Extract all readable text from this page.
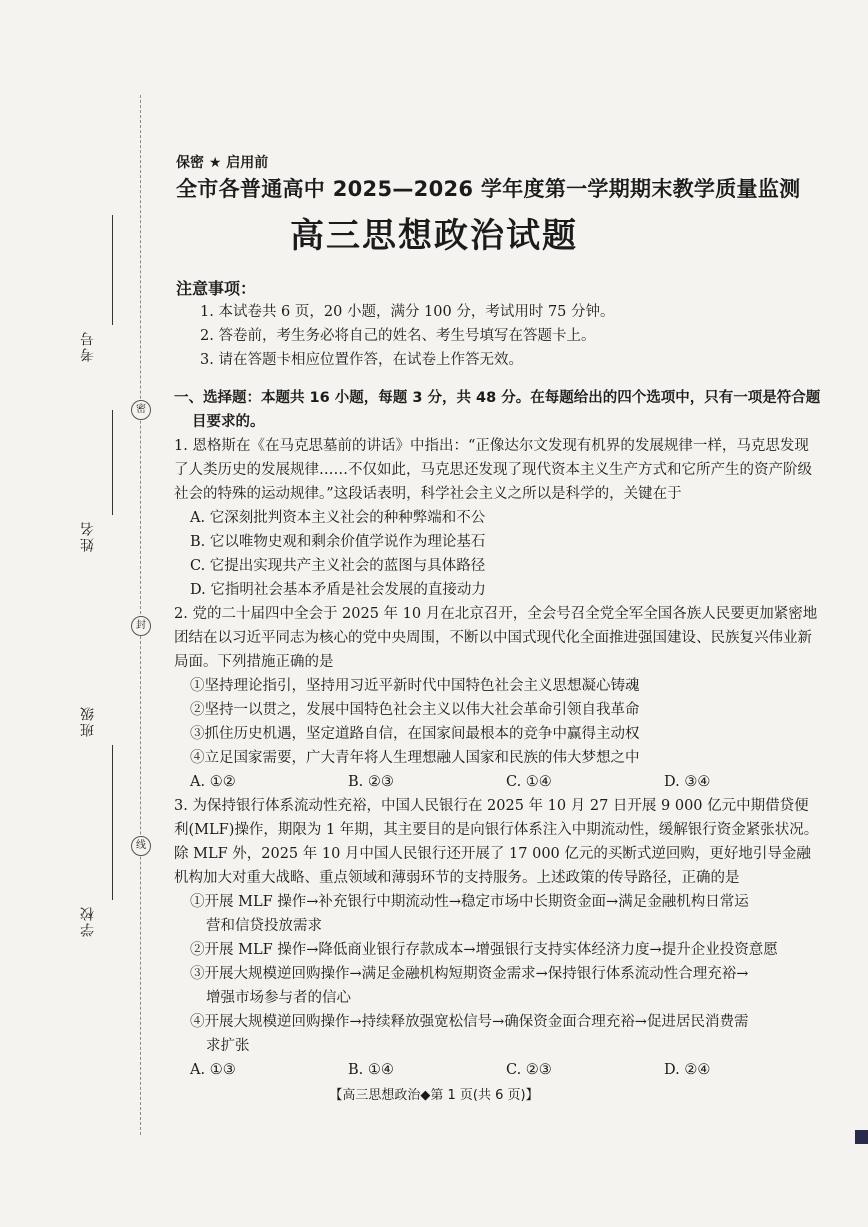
考号
姓名
班级
学校
密
封
线
保密 ★ 启用前
全市各普通高中 2025—2026 学年度第一学期期末教学质量监测
高三思想政治试题
注意事项：
1. 本试卷共 6 页，20 小题，满分 100 分，考试用时 75 分钟。
2. 答卷前，考生务必将自己的姓名、考生号填写在答题卡上。
3. 请在答题卡相应位置作答，在试卷上作答无效。
一、选择题：本题共 16 小题，每题 3 分，共 48 分。在每题给出的四个选项中，只有一项是符合题
目要求的。

1. 恩格斯在《在马克思墓前的讲话》中指出：“正像达尔文发现有机界的发展规律一样，马克思发现了人类历史的发展规律……不仅如此，马克思还发现了现代资本主义生产方式和它所产生的资产阶级社会的特殊的运动规律。”这段话表明，科学社会主义之所以是科学的，关键在于

A. 它深刻批判资本主义社会的种种弊端和不公
B. 它以唯物史观和剩余价值学说作为理论基石
C. 它提出实现共产主义社会的蓝图与具体路径
D. 它指明社会基本矛盾是社会发展的直接动力

2. 党的二十届四中全会于 2025 年 10 月在北京召开，全会号召全党全军全国各族人民要更加紧密地团结在以习近平同志为核心的党中央周围，不断以中国式现代化全面推进强国建设、民族复兴伟业新局面。下列措施正确的是

①坚持理论指引，坚持用习近平新时代中国特色社会主义思想凝心铸魂
②坚持一以贯之，发展中国特色社会主义以伟大社会革命引领自我革命
③抓住历史机遇，坚定道路自信，在国家间最根本的竞争中赢得主动权
④立足国家需要，广大青年将人生理想融人国家和民族的伟大梦想之中
A. ①②	B. ②③	C. ①④	D. ③④

3. 为保持银行体系流动性充裕，中国人民银行在 2025 年 10 月 27 日开展 9 000 亿元中期借贷便利(MLF)操作，期限为 1 年期，其主要目的是向银行体系注入中期流动性，缓解银行资金紧张状况。除 MLF 外，2025 年 10 月中国人民银行还开展了 17 000 亿元的买断式逆回购，更好地引导金融机构加大对重大战略、重点领域和薄弱环节的支持服务。上述政策的传导路径，正确的是

①开展 MLF 操作→补充银行中期流动性→稳定市场中长期资金面→满足金融机构日常运
营和信贷投放需求
②开展 MLF 操作→降低商业银行存款成本→增强银行支持实体经济力度→提升企业投资意愿
③开展大规模逆回购操作→满足金融机构短期资金需求→保持银行体系流动性合理充裕→
增强市场参与者的信心
④开展大规模逆回购操作→持续释放强宽松信号→确保资金面合理充裕→促进居民消费需
求扩张
A. ①③	B. ①④	C. ②③	D. ②④
【高三思想政治◆第 1 页(共 6 页)】
